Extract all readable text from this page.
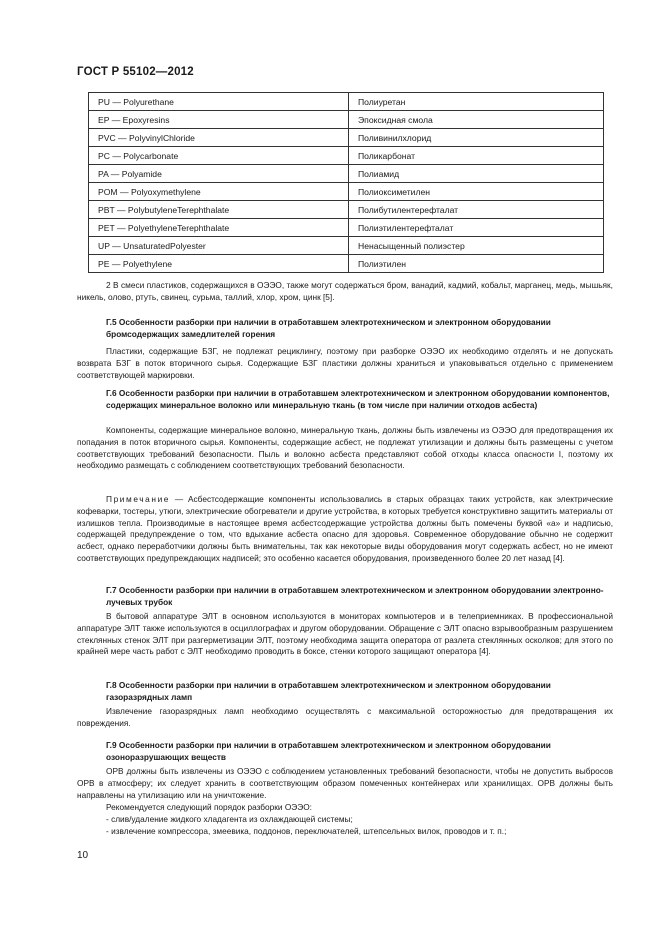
ГОСТ Р 55102—2012
PU — Polyurethane	Полиуретан
EP — Epoxyresins	Эпоксидная смола
PVC — PolyvinylChloride	Поливинилхлорид
PC — Polycarbonate	Поликарбонат
PA — Polyamide	Полиамид
POM — Polyoxymethylene	Полиоксиметилен
PBT — PolybutyleneTerephthalate	Полибутилентерефталат
PET — PolyethyleneTerephthalate	Полиэтилентерефталат
UP — UnsaturatedPolyester	Ненасыщенный полиэстер
PE — Polyethylene	Полиэтилен

2 В смеси пластиков, содержащихся в ОЭЭО, также могут содержаться бром, ванадий, кадмий, кобальт, марганец, медь, мышьяк, никель, олово, ртуть, свинец, сурьма, таллий, хлор, хром, цинк [5].

Г.5 Особенности разборки при наличии в отработавшем электротехническом и электронном оборудовании бромсодержащих замедлителей горения

Пластики, содержащие БЗГ, не подлежат рециклингу, поэтому при разборке ОЭЭО их необходимо отделять и не допускать возврата БЗГ в поток вторичного сырья. Содержащие БЗГ пластики должны храниться и упаковываться отдельно с применением соответствующей маркировки.

Г.6 Особенности разборки при наличии в отработавшем электротехническом и электронном оборудовании компонентов, содержащих минеральное волокно или минеральную ткань (в том числе при наличии отходов асбеста)

Компоненты, содержащие минеральное волокно, минеральную ткань, должны быть извлечены из ОЭЭО для предотвращения их попадания в поток вторичного сырья. Компоненты, содержащие асбест, не подлежат утилизации и должны быть размещены с учетом соответствующих требований безопасности. Пыль и волокно асбеста представляют собой отходы класса опасности I, поэтому их необходимо размещать с соблюдением соответствующих требований безопасности.

Примечание — Асбестсодержащие компоненты использовались в старых образцах таких устройств, как электрические кофеварки, тостеры, утюги, электрические обогреватели и другие устройства, в которых требуется конструктивно защитить материалы от излишков тепла. Производимые в настоящее время асбестсодержащие устройства должны быть помечены буквой «а» и надписью, содержащей предупреждение о том, что вдыхание асбеста опасно для здоровья. Современное оборудование обычно не содержит асбест, однако переработчики должны быть внимательны, так как некоторые виды оборудования могут содержать асбест, но не имеют соответствующих предупреждающих надписей; это особенно касается оборудования, произведенного более 20 лет назад [4].

Г.7 Особенности разборки при наличии в отработавшем электротехническом и электронном оборудовании электронно-лучевых трубок

В бытовой аппаратуре ЭЛТ в основном используются в мониторах компьютеров и в телеприемниках. В профессиональной аппаратуре ЭЛТ также используются в осциллографах и другом оборудовании. Обращение с ЭЛТ опасно взрывообразным разрушением стеклянных стенок ЭЛТ при разгерметизации ЭЛТ, поэтому необходима защита оператора от разлета стеклянных осколков; для этого по крайней мере часть работ с ЭЛТ необходимо проводить в боксе, стенки которого защищают оператора [4].

Г.8 Особенности разборки при наличии в отработавшем электротехническом и электронном оборудовании газоразрядных ламп

Извлечение газоразрядных ламп необходимо осуществлять с максимальной осторожностью для предотвращения их повреждения.

Г.9 Особенности разборки при наличии в отработавшем электротехническом и электронном оборудовании озоноразрушающих веществ

ОРВ должны быть извлечены из ОЭЭО с соблюдением установленных требований безопасности, чтобы не допустить выбросов ОРВ в атмосферу; их следует хранить в соответствующим образом помеченных контейнерах или хранилищах. ОРВ должны быть направлены на утилизацию или на уничтожение.

Рекомендуется следующий порядок разборки ОЭЭО:

- слив/удаление жидкого хладагента из охлаждающей системы;

- извлечение компрессора, змеевика, поддонов, переключателей, штепсельных вилок, проводов и т. п.;

10
